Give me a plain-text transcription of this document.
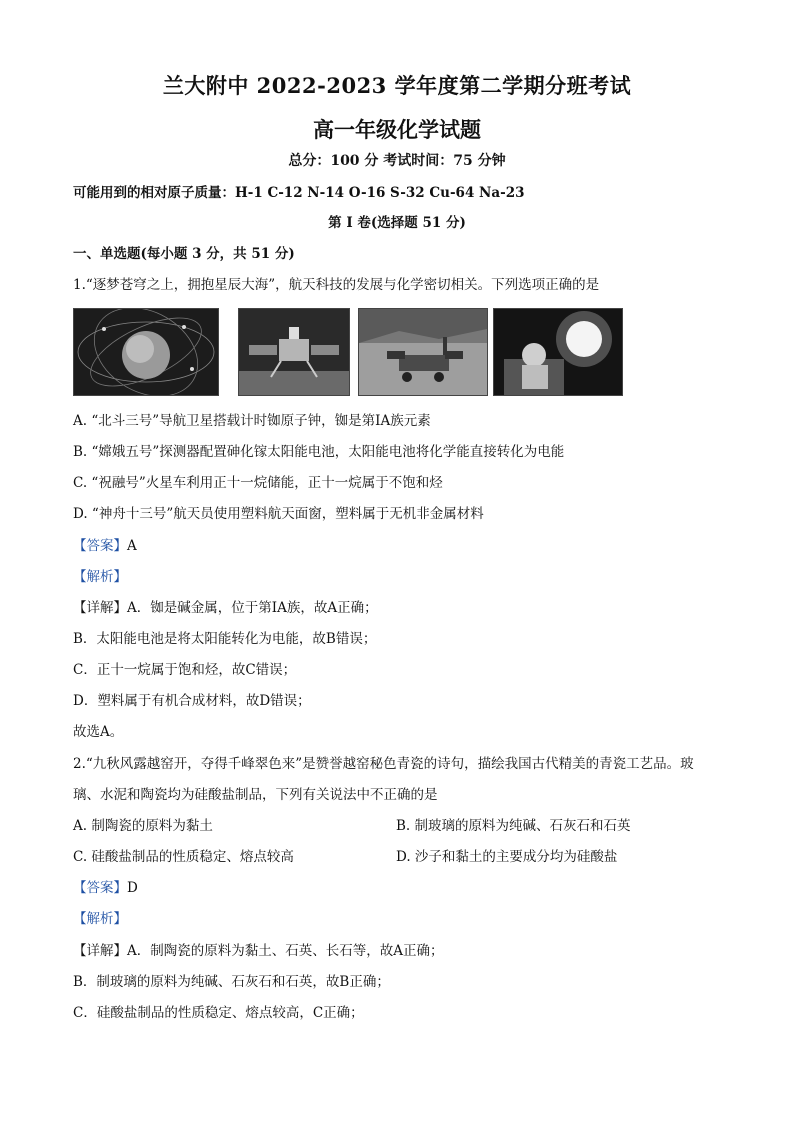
兰大附中 2022-2023 学年度第二学期分班考试
高一年级化学试题
总分：100 分 考试时间：75 分钟
可能用到的相对原子质量：H-1 C-12 N-14 O-16 S-32 Cu-64 Na-23
第 I 卷(选择题 51 分)
一、单选题(每小题 3 分，共 51 分)
1.“逐梦苍穹之上，拥抱星辰大海”，航天科技的发展与化学密切相关。下列选项正确的是
A. “北斗三号”导航卫星搭载计时铷原子钟，铷是第ⅠA族元素
B. “嫦娥五号”探测器配置砷化镓太阳能电池，太阳能电池将化学能直接转化为电能
C. “祝融号”火星车利用正十一烷储能，正十一烷属于不饱和烃
D. “神舟十三号”航天员使用塑料航天面窗，塑料属于无机非金属材料
【答案】A
【解析】
【详解】A．铷是碱金属，位于第ⅠA族，故A正确；
B．太阳能电池是将太阳能转化为电能，故B错误；
C．正十一烷属于饱和烃，故C错误；
D．塑料属于有机合成材料，故D错误；
故选A。
2.“九秋风露越窑开，夺得千峰翠色来”是赞誉越窑秘色青瓷的诗句，描绘我国古代精美的青瓷工艺品。玻
璃、水泥和陶瓷均为硅酸盐制品，下列有关说法中不正确的是
A. 制陶瓷的原料为黏土	B. 制玻璃的原料为纯碱、石灰石和石英
C. 硅酸盐制品的性质稳定、熔点较高	D. 沙子和黏土的主要成分均为硅酸盐
【答案】D
【解析】
【详解】A．制陶瓷的原料为黏土、石英、长石等，故A正确；
B．制玻璃的原料为纯碱、石灰石和石英，故B正确；
C．硅酸盐制品的性质稳定、熔点较高，C正确；
